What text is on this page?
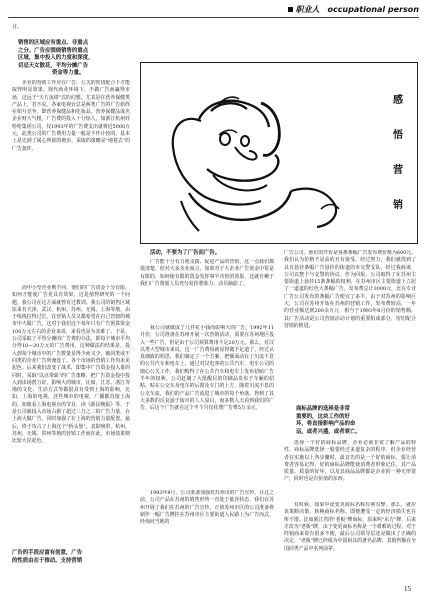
职业人　occupational person

讨。

销售的区域应有重点、非重点
之分。广告应围绕销售的重点
区域，集中投入的力度和深度，
切忌天女散花，平均分摊广告
资金等力量。

企业的营销工作应在广告、公关的密切配合下才能取得明显效果。现代商业环境下，不做广告而赢得市场，这远于"天方夜谭"式的幻想。尤其是在营养保健类产品上，君不见，各家电视台总是两类广告的广告始终在相互竞争，即营养保健品和化妆品。营养保健品成名企业财大气粗，广告费的投入十分惊人，如浙江杭州娃哈哈集团公司，仅1993年的广告费支出就将近5000万元，此类公司的广告费用力量一般是不作计较的，基本上是达到了闻心所欲的地步，采取的策略是"地毯式"的广告轰炸。

而中小型企业则不同，他们的广告资金十分有限，如何才能使广告更具有效果，这是值得研究的一个问题。我公司在这方面就曾有过教训。我公司的销售区域原来有天津、武汉、杭州、苏州、无锡、上海等地，由于线线拉得过长，在营销人员又都希望在自己管辖的城市中大做广告，这对于我们这个每年只有广告预算资金100万元左右的企业来说，来看也是为其难了。于是，公司采取了平均分摊的广告费的办法，即每个城市平均分得10—20万元的广告费用。这种做法的结果是，投入到每个城市中的广告数量显得少而又少，被同类或不同类的企业广告所淹没了。各个市场的营销工作均未见起色。后来我们改变了战术，即集中广告资金投入量的同时，采取"以点带面"的广告策略，把广告资金投中投入到由场潜力好，影响大的城市，比如，江苏、浙江等地的文化、生活方式等都很具有受到上海的影响，比如，上海的电视，这些城市的电视，广播都直接上海的，如收看上海电视台的节目，读《新民晚报》等，于是公司就投入市场占据了超过三分之二的广告力量，在上海大做广告，同时加强了在上海的营销力量配置。最后，终于攻占了上海这个"桥头堡"，其影响带，杭州、苏州、无锡、常州等地的营销工作而在此，市场效果则比较大昆起色。

广告的手段应富有创意，广告
的性质由在于推动。支持营销
感
悟
营
销
活动，不要为了广告而广告。

广告能十分有力地支援、促进产品的营销，这一点我们都很清楚，但对大多企业而言，如果对于大企业广告资金中常是有限的，如何使有限的资金发挥事半功倍的效果，这就有赖于我们广告策划人员充分发挥想象力，动员脑筋了。

我公司就做成了几件花小钱而影响大的广告。1992年11月份，公司准备在苏州开展一次营销活动，需要在苏州地区投入一些广告，但是由于公司预算费用不足20万元。那么，对汉以类大型城市来说，这一广告费用就显得微不足道了。经过认真细致的构思，我们制定了一个方案，把额面动在了川流不息的公共汽车和电车上，通过对汉电客的公共汽车、电车公司的细心公关工作，我们购得了在公共汽车和电车上发布招贴广告半年的权利。公司赶制了大批醒目的印刷品发布于车厢的招贴。贴在公交车及电车的后窗及车门的上方，随着川流不息的公交车流，我们的产品广告流进了城市的每个角落，得到了其大多数的反复涌于街市的人人显目，而多数人天看到我们的广告，后这个广告就在这个半个月仅花费广告费5万余元。

1993年8月，公司准备加强对苏州市的广告宣传，在这之前，公司产品在苏州的销售形势一直处于低谷状态。我们在苏州开展了我们在苏州的广告宣传，正值苏州市区的公司准备将制作一幅广告牌挂在苏州市区主要街道人民路上为广告而式，经询问当地的

广告公司。他们的开价是每条条幅广告发布费价格为600元。我们认为价格不是高的且有接受、经过努力，我们就找到了具有悬挂条幅广告悬挂的街道的市交警支队，经过我商谈，公司以整个与交警的协议，作为回报，公司取得了在苏州主要街道上悬挂15条条幅的权利，在苏州市区主要街道上立起了一道道的红色大条幅广告，发布费总计3000元，比在专业广告公司发布的条幅广告便宜了多半。由于对苏州的影响巨大，公司在苏州开始在苏州的营销工作，发布费较高，一年的营业额达到200余万元，相当于1993年8月份的销售额。其广告活动是公司营销活动计划的重要组成部分，密切配合营销的推进。

商标品牌的选择是非常
重要的，这块工作的好
坏，将直接影响产品的命
运，或者兴盛，或者衰亡。

选择一个好的商标品牌，企业必须非常了解产品的特性，商标品牌选择一般要经过多道复杂的程序，但企业经营者在实施以上各步骤时，最首先的是一个好的商标，要让消费者容易记得，好的商标品牌能使消费者形象记住，其产品质量、质量的好坏，以及其商品品牌都是企业的一种无形资产，同时也是有价值的东西。

有时候，如果中途变更商标名称有利有弊。那么，就应该果断决策，转换商标名称。即便遭受一定的经济损失也在所不惜。比如浙江省的"老板"牌商标，原来叫"东方"牌，后来才改为"老板"牌，由于变更商标名称是一个艰难的过程，对于经销商来说有很多不便，最后公司领导层还是做出了正确的决定，"老板"牌已经成为中国厨具的著名品牌，其销售额在全国同类产品中名列前茅。

15
